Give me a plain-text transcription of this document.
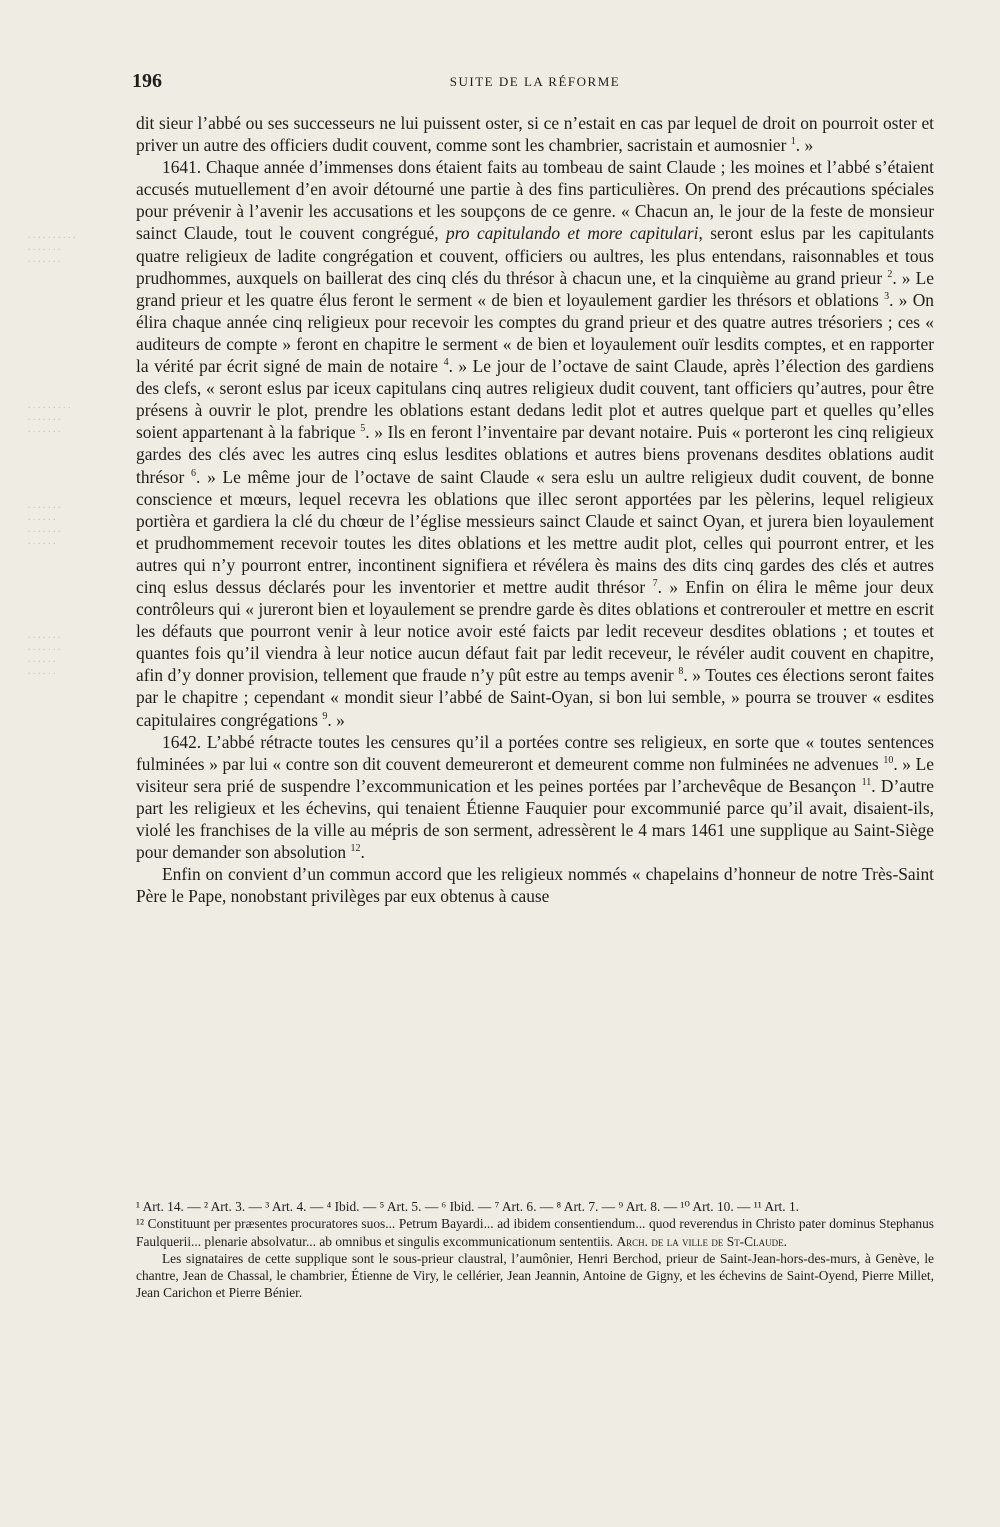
. . . . . . . . . .
. . . . . . .
. . . . . . .
. . . . . . . . .
. . . . . . .
. . . . . . .
. . . . . . .
. . . . . .
. . . . . . .
. . . . . .
. . . . . . .
. . . . . . .
. . . . . .
. . . . . .
196	SUITE DE LA RÉFORME

dit sieur l’abbé ou ses successeurs ne lui puissent oster, si ce n’estait en cas par lequel de droit on pourroit oster et priver un autre des officiers dudit couvent, comme sont les chambrier, sacristain et aumosnier $^1$. »

1641. Chaque année d’immenses dons étaient faits au tombeau de saint Claude ; les moines et l’abbé s’étaient accusés mutuellement d’en avoir détourné une partie à des fins particulières. On prend des précautions spéciales pour prévenir à l’avenir les accusations et les soupçons de ce genre. « Chacun an, le jour de la feste de monsieur sainct Claude, tout le couvent congrégué, pro capitulando et more capitulari, seront eslus par les capitulants quatre religieux de ladite congrégation et couvent, officiers ou aultres, les plus entendans, raisonnables et tous prudhommes, auxquels on baillerat des cinq clés du thrésor à chacun une, et la cinquième au grand prieur $^2$. » Le grand prieur et les quatre élus feront le serment « de bien et loyaulement gardier les thrésors et oblations $^3$. » On élira chaque année cinq religieux pour recevoir les comptes du grand prieur et des quatre autres trésoriers ; ces « auditeurs de compte » feront en chapitre le serment « de bien et loyaulement ouïr lesdits comptes, et en rapporter la vérité par écrit signé de main de notaire $^4$. » Le jour de l’octave de saint Claude, après l’élection des gardiens des clefs, « seront eslus par iceux capitulans cinq autres religieux dudit couvent, tant officiers qu’autres, pour être présens à ouvrir le plot, prendre les oblations estant dedans ledit plot et autres quelque part et quelles qu’elles soient appartenant à la fabrique $^5$. » Ils en feront l’inventaire par devant notaire. Puis « porteront les cinq religieux gardes des clés avec les autres cinq eslus lesdites oblations et autres biens provenans desdites oblations audit thrésor $^6$. » Le même jour de l’octave de saint Claude « sera eslu un aultre religieux dudit couvent, de bonne conscience et mœurs, lequel recevra les oblations que illec seront apportées par les pèlerins, lequel religieux portièra et gardiera la clé du chœur de l’église messieurs sainct Claude et sainct Oyan, et jurera bien loyaulement et prudhommement recevoir toutes les dites oblations et les mettre audit plot, celles qui pourront entrer, et les autres qui n’y pourront entrer, incontinent signifiera et révélera ès mains des dits cinq gardes des clés et autres cinq eslus dessus déclarés pour les inventorier et mettre audit thrésor $^7$. » Enfin on élira le même jour deux contrôleurs qui « jureront bien et loyaulement se prendre garde ès dites oblations et contrerouler et mettre en escrit les défauts que pourront venir à leur notice avoir esté faicts par ledit receveur desdites oblations ; et toutes et quantes fois qu’il viendra à leur notice aucun défaut fait par ledit receveur, le révéler audit couvent en chapitre, afin d’y donner provision, tellement que fraude n’y pût estre au temps avenir $^8$. » Toutes ces élections seront faites par le chapitre ; cependant « mondit sieur l’abbé de Saint-Oyan, si bon lui semble, » pourra se trouver « esdites capitulaires congrégations $^9$. »

1642. L’abbé rétracte toutes les censures qu’il a portées contre ses religieux, en sorte que « toutes sentences fulminées » par lui « contre son dit couvent demeureront et demeurent comme non fulminées ne advenues $^{10}$. » Le visiteur sera prié de suspendre l’excommunication et les peines portées par l’archevêque de Besançon $^{11}$. D’autre part les religieux et les échevins, qui tenaient Étienne Fauquier pour excommunié parce qu’il avait, disaient-ils, violé les franchises de la ville au mépris de son serment, adressèrent le 4 mars 1461 une supplique au Saint-Siège pour demander son absolution $^{12}$.

Enfin on convient d’un commun accord que les religieux nommés « chapelains d’honneur de notre Très-Saint Père le Pape, nonobstant privilèges par eux obtenus à cause

¹ Art. 14. — ² Art. 3. — ³ Art. 4. — ⁴ Ibid. — ⁵ Art. 5. — ⁶ Ibid. — ⁷ Art. 6. — ⁸ Art. 7. — ⁹ Art. 8. — ¹⁰ Art. 10. — ¹¹ Art. 1.

¹² Constituunt per præsentes procuratores suos... Petrum Bayardi... ad ibidem consentiendum... quod reverendus in Christo pater dominus Stephanus Faulquerii... plenarie absolvatur... ab omnibus et singulis excommunicationum sententiis. Arch. de la ville de St-Claude.

Les signataires de cette supplique sont le sous-prieur claustral, l’aumônier, Henri Berchod, prieur de Saint-Jean-hors-des-murs, à Genève, le chantre, Jean de Chassal, le chambrier, Étienne de Viry, le cellérier, Jean Jeannin, Antoine de Gigny, et les échevins de Saint-Oyend, Pierre Millet, Jean Carichon et Pierre Bénier.
